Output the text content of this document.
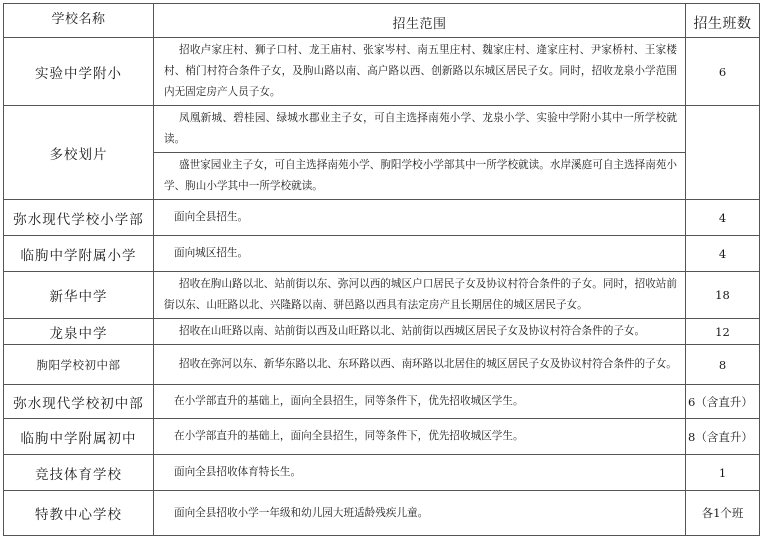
学校名称	招生范围	招生班数
实验中学附小	招收卢家庄村、狮子口村、龙王庙村、张家岑村、南五里庄村、魏家庄村、逄家庄村、尹家桥村、王家楼村、梢门村符合条件子女，及朐山路以南、高户路以西、创新路以东城区居民子女。同时，招收龙泉小学范围内无固定房产人员子女。	6
多校划片	凤凰新城、碧桂园、绿城水郡业主子女，可自主选择南苑小学、龙泉小学、实验中学附小其中一所学校就读。	
	盛世家园业主子女，可自主选择南苑小学、朐阳学校小学部其中一所学校就读。水岸溪庭可自主选择南苑小学、朐山小学其中一所学校就读。	
弥水现代学校小学部	面向全县招生。	4
临朐中学附属小学	面向城区招生。	4
新华中学	招收在朐山路以北、站前街以东、弥河以西的城区户口居民子女及协议村符合条件的子女。同时，招收站前街以东、山旺路以北、兴隆路以南、骈邑路以西具有法定房产且长期居住的城区居民子女。	18
龙泉中学	招收在山旺路以南、站前街以西及山旺路以北、站前街以西城区居民子女及协议村符合条件的子女。	12
朐阳学校初中部	招收在弥河以东、新华东路以北、东环路以西、南环路以北居住的城区居民子女及协议村符合条件的子女。	8
弥水现代学校初中部	在小学部直升的基础上，面向全县招生，同等条件下，优先招收城区学生。	6（含直升）
临朐中学附属初中	在小学部直升的基础上，面向全县招生，同等条件下，优先招收城区学生。	8（含直升）
竞技体育学校	面向全县招收体育特长生。	1
特教中心学校	面向全县招收小学一年级和幼儿园大班适龄残疾儿童。	各1个班
